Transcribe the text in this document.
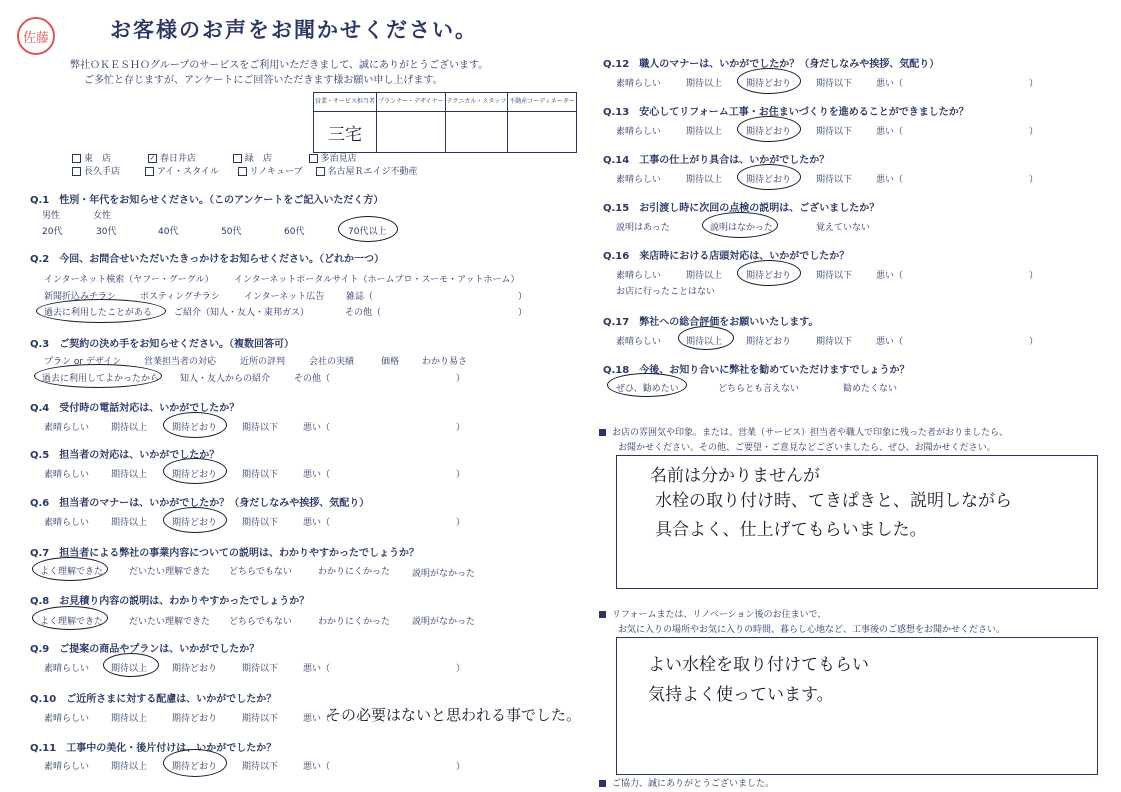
佐藤	お客様のお声をお聞かせください。
弊社ＯＫＥＳＨＯグループのサービスをご利用いただきまして、誠にありがとうございます。
ご多忙と存じますが、アンケートにご回答いただきます様お願い申し上げます。
営業・サービス担当者	プランナー・デザイナー	テクニカル・スタッフ	不動産コーディネーター
三宅			
東　店	✓ 春日井店	緑　店	多治見店
長久手店	アイ・スタイル	リノキューブ	名古屋Ｒエイジ不動産
Q.1　性別・年代をお知らせください。（このアンケートをご記入いただく方）
男性	女性
20代	30代	40代	50代	60代	70代以上
Q.2　今回、お問合せいただいたきっかけをお知らせください。（どれか一つ）
インターネット検索（ヤフー・グーグル） インターネットポータルサイト（ホームプロ・スーモ・アットホーム）
新聞折込みチラシ	ポスティングチラシ	インターネット広告 雑誌（	）
過去に利用したことがある ご紹介（知人・友人・東邦ガス）	その他（	）
Q.3　ご契約の決め手をお知らせください。（複数回答可）
プラン or デザイン	営業担当者の対応	近所の評判	会社の実績	価格	わかり易さ
過去に利用してよかったから 知人・友人からの紹介	その他（	）
Q.4　受付時の電話対応は、いかがでしたか？
素晴らしい 期待以上	期待どおり	期待以下	悪い（	）
Q.5　担当者の対応は、いかがでしたか？
素晴らしい 期待以上	期待どおり	期待以下	悪い（	）
Q.6　担当者のマナーは、いかがでしたか？（身だしなみや挨拶、気配り）
素晴らしい 期待以上	期待どおり	期待以下	悪い（	）
Q.7　担当者による弊社の事業内容についての説明は、わかりやすかったでしょうか？
よく理解できた	だいたい理解できた どちらでもない	わかりにくかった 説明がなかった
Q.8　お見積り内容の説明は、わかりやすかったでしょうか？
よく理解できた	だいたい理解できた どちらでもない	わかりにくかった 説明がなかった
Q.9　ご提案の商品やプランは、いかがでしたか？
素晴らしい 期待以上	期待どおり	期待以下	悪い（	）
Q.10　ご近所さまに対する配慮は、いかがでしたか？
素晴らしい 期待以上	期待どおり	期待以下	悪い（
その必要はないと思われる事でした。
Q.11　工事中の美化・後片付けは、いかがでしたか？
素晴らしい 期待以上	期待どおり	期待以下	悪い（	）
Q.12　職人のマナーは、いかがでしたか？（身だしなみや挨拶、気配り）
素晴らしい	期待以上	期待どおり	期待以下	悪い（	）
Q.13　安心してリフォーム工事・お住まいづくりを進めることができましたか？
素晴らしい	期待以上	期待どおり	期待以下	悪い（	）
Q.14　工事の仕上がり具合は、いかがでしたか？
素晴らしい	期待以上	期待どおり	期待以下	悪い（	）
Q.15　お引渡し時に次回の点検の説明は、ございましたか？
説明はあった	説明はなかった	覚えていない
Q.16　来店時における店頭対応は、いかがでしたか？
素晴らしい	期待以上	期待どおり	期待以下	悪い（	）
お店に行ったことはない
Q.17　弊社への総合評価をお願いいたします。
素晴らしい	期待以上	期待どおり	期待以下	悪い（	）
Q.18　今後、お知り合いに弊社を勧めていただけますでしょうか？
ぜひ、勧めたい	どちらとも言えない	勧めたくない
お店の雰囲気や印象。または、営業（サービス）担当者や職人で印象に残った者がおりましたら、
お聞かせください。その他、ご要望・ご意見などございましたら、ぜひ、お聞かせください。
名前は分かりませんが
水栓の取り付け時、てきぱきと、説明しながら
具合よく、仕上げてもらいました。
リフォームまたは、リノベーション後のお住まいで、
お気に入りの場所やお気に入りの時間、暮らし心地など、工事後のご感想をお聞かせください。
よい水栓を取り付けてもらい
気持よく使っています。
ご協力、誠にありがとうございました。
